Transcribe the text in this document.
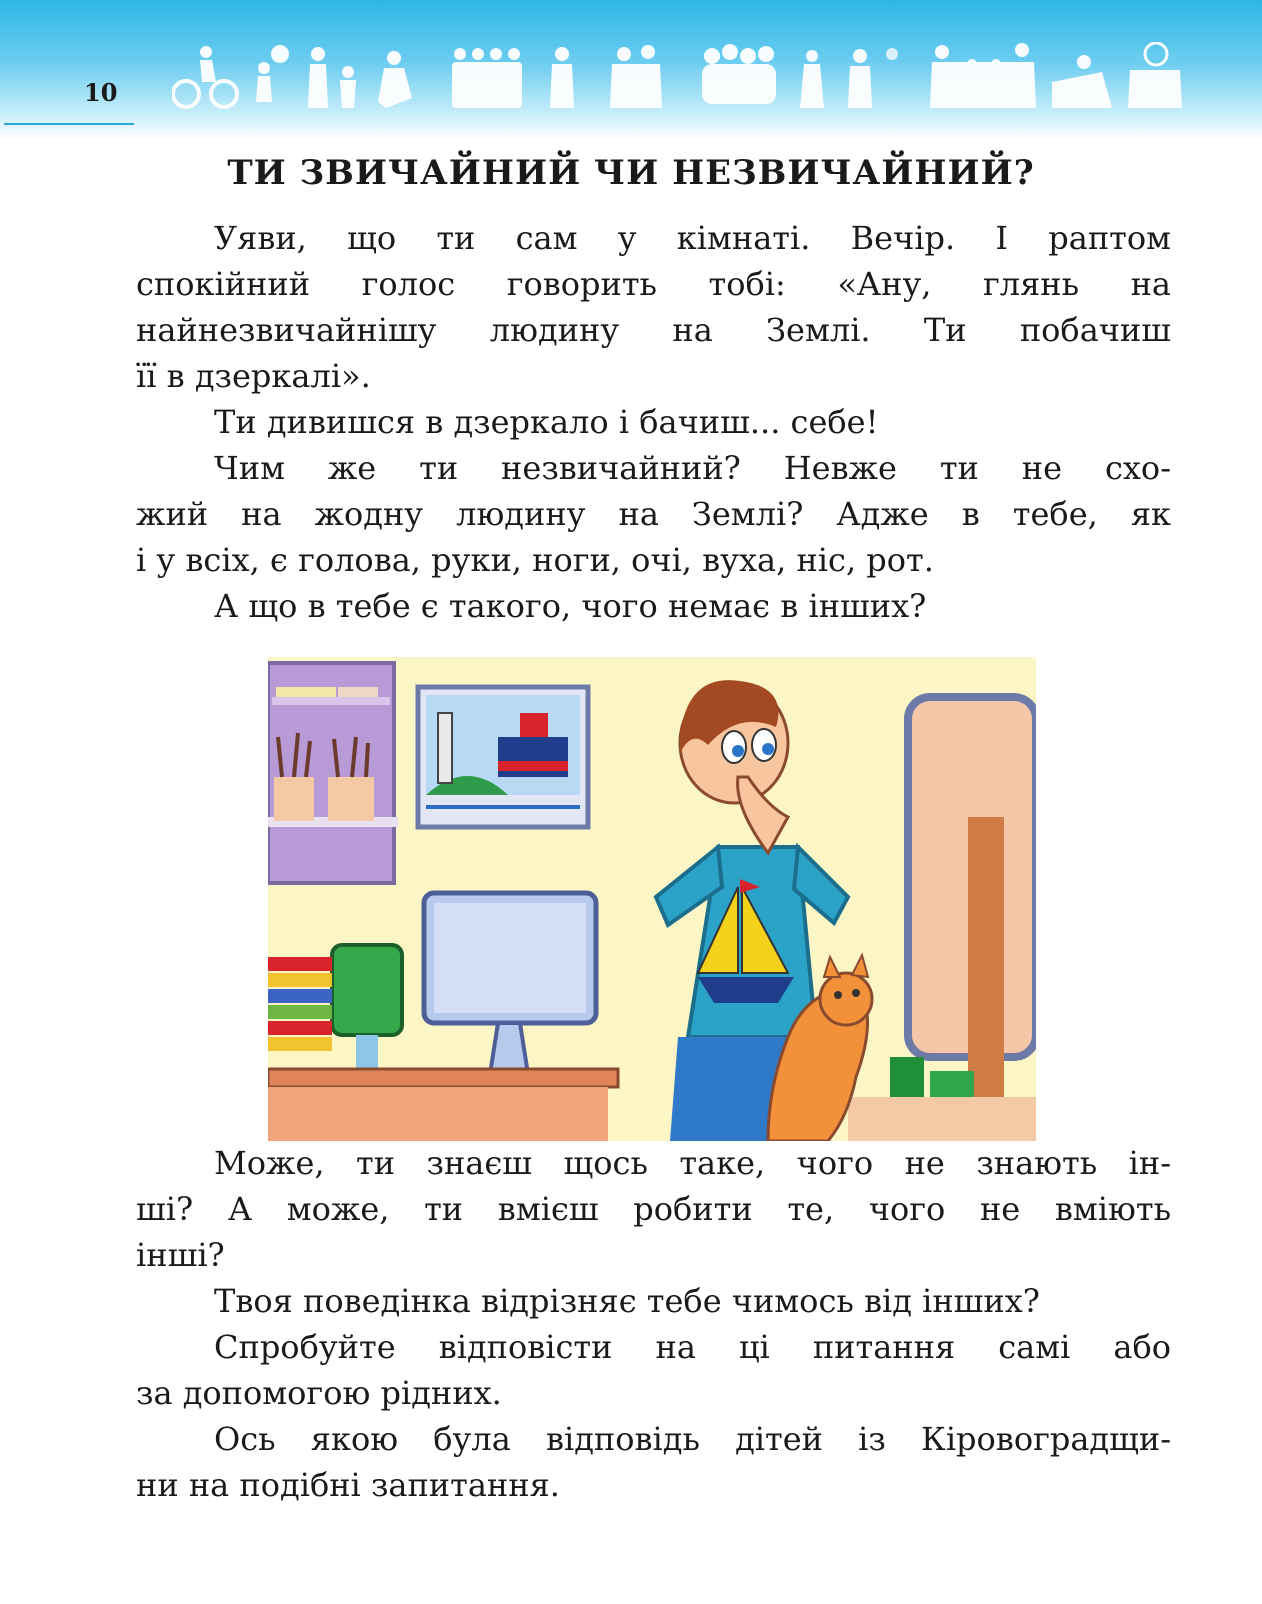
10
ТИ ЗВИЧАЙНИЙ ЧИ НЕЗВИЧАЙНИЙ?

Уяви, що ти сам у кімнаті. Вечір. І раптом
спокійний голос говорить тобі: «Ану, глянь на
найнезвичайнішу людину на Землі. Ти побачиш
її в дзеркалі».

Ти дивишся в дзеркало і бачиш... себе!

Чим же ти незвичайний? Невже ти не схо-
жий на жодну людину на Землі? Адже в тебе, як
і у всіх, є голова, руки, ноги, очі, вуха, ніс, рот.

А що в тебе є такого, чого немає в інших?

Може, ти знаєш щось таке, чого не знають ін-
ші? А може, ти вмієш робити те, чого не вміють
інші?

Твоя поведінка відрізняє тебе чимось від інших?

Спробуйте відповісти на ці питання самі або
за допомогою рідних.

Ось якою була відповідь дітей із Кіровоградщи-
ни на подібні запитання.
